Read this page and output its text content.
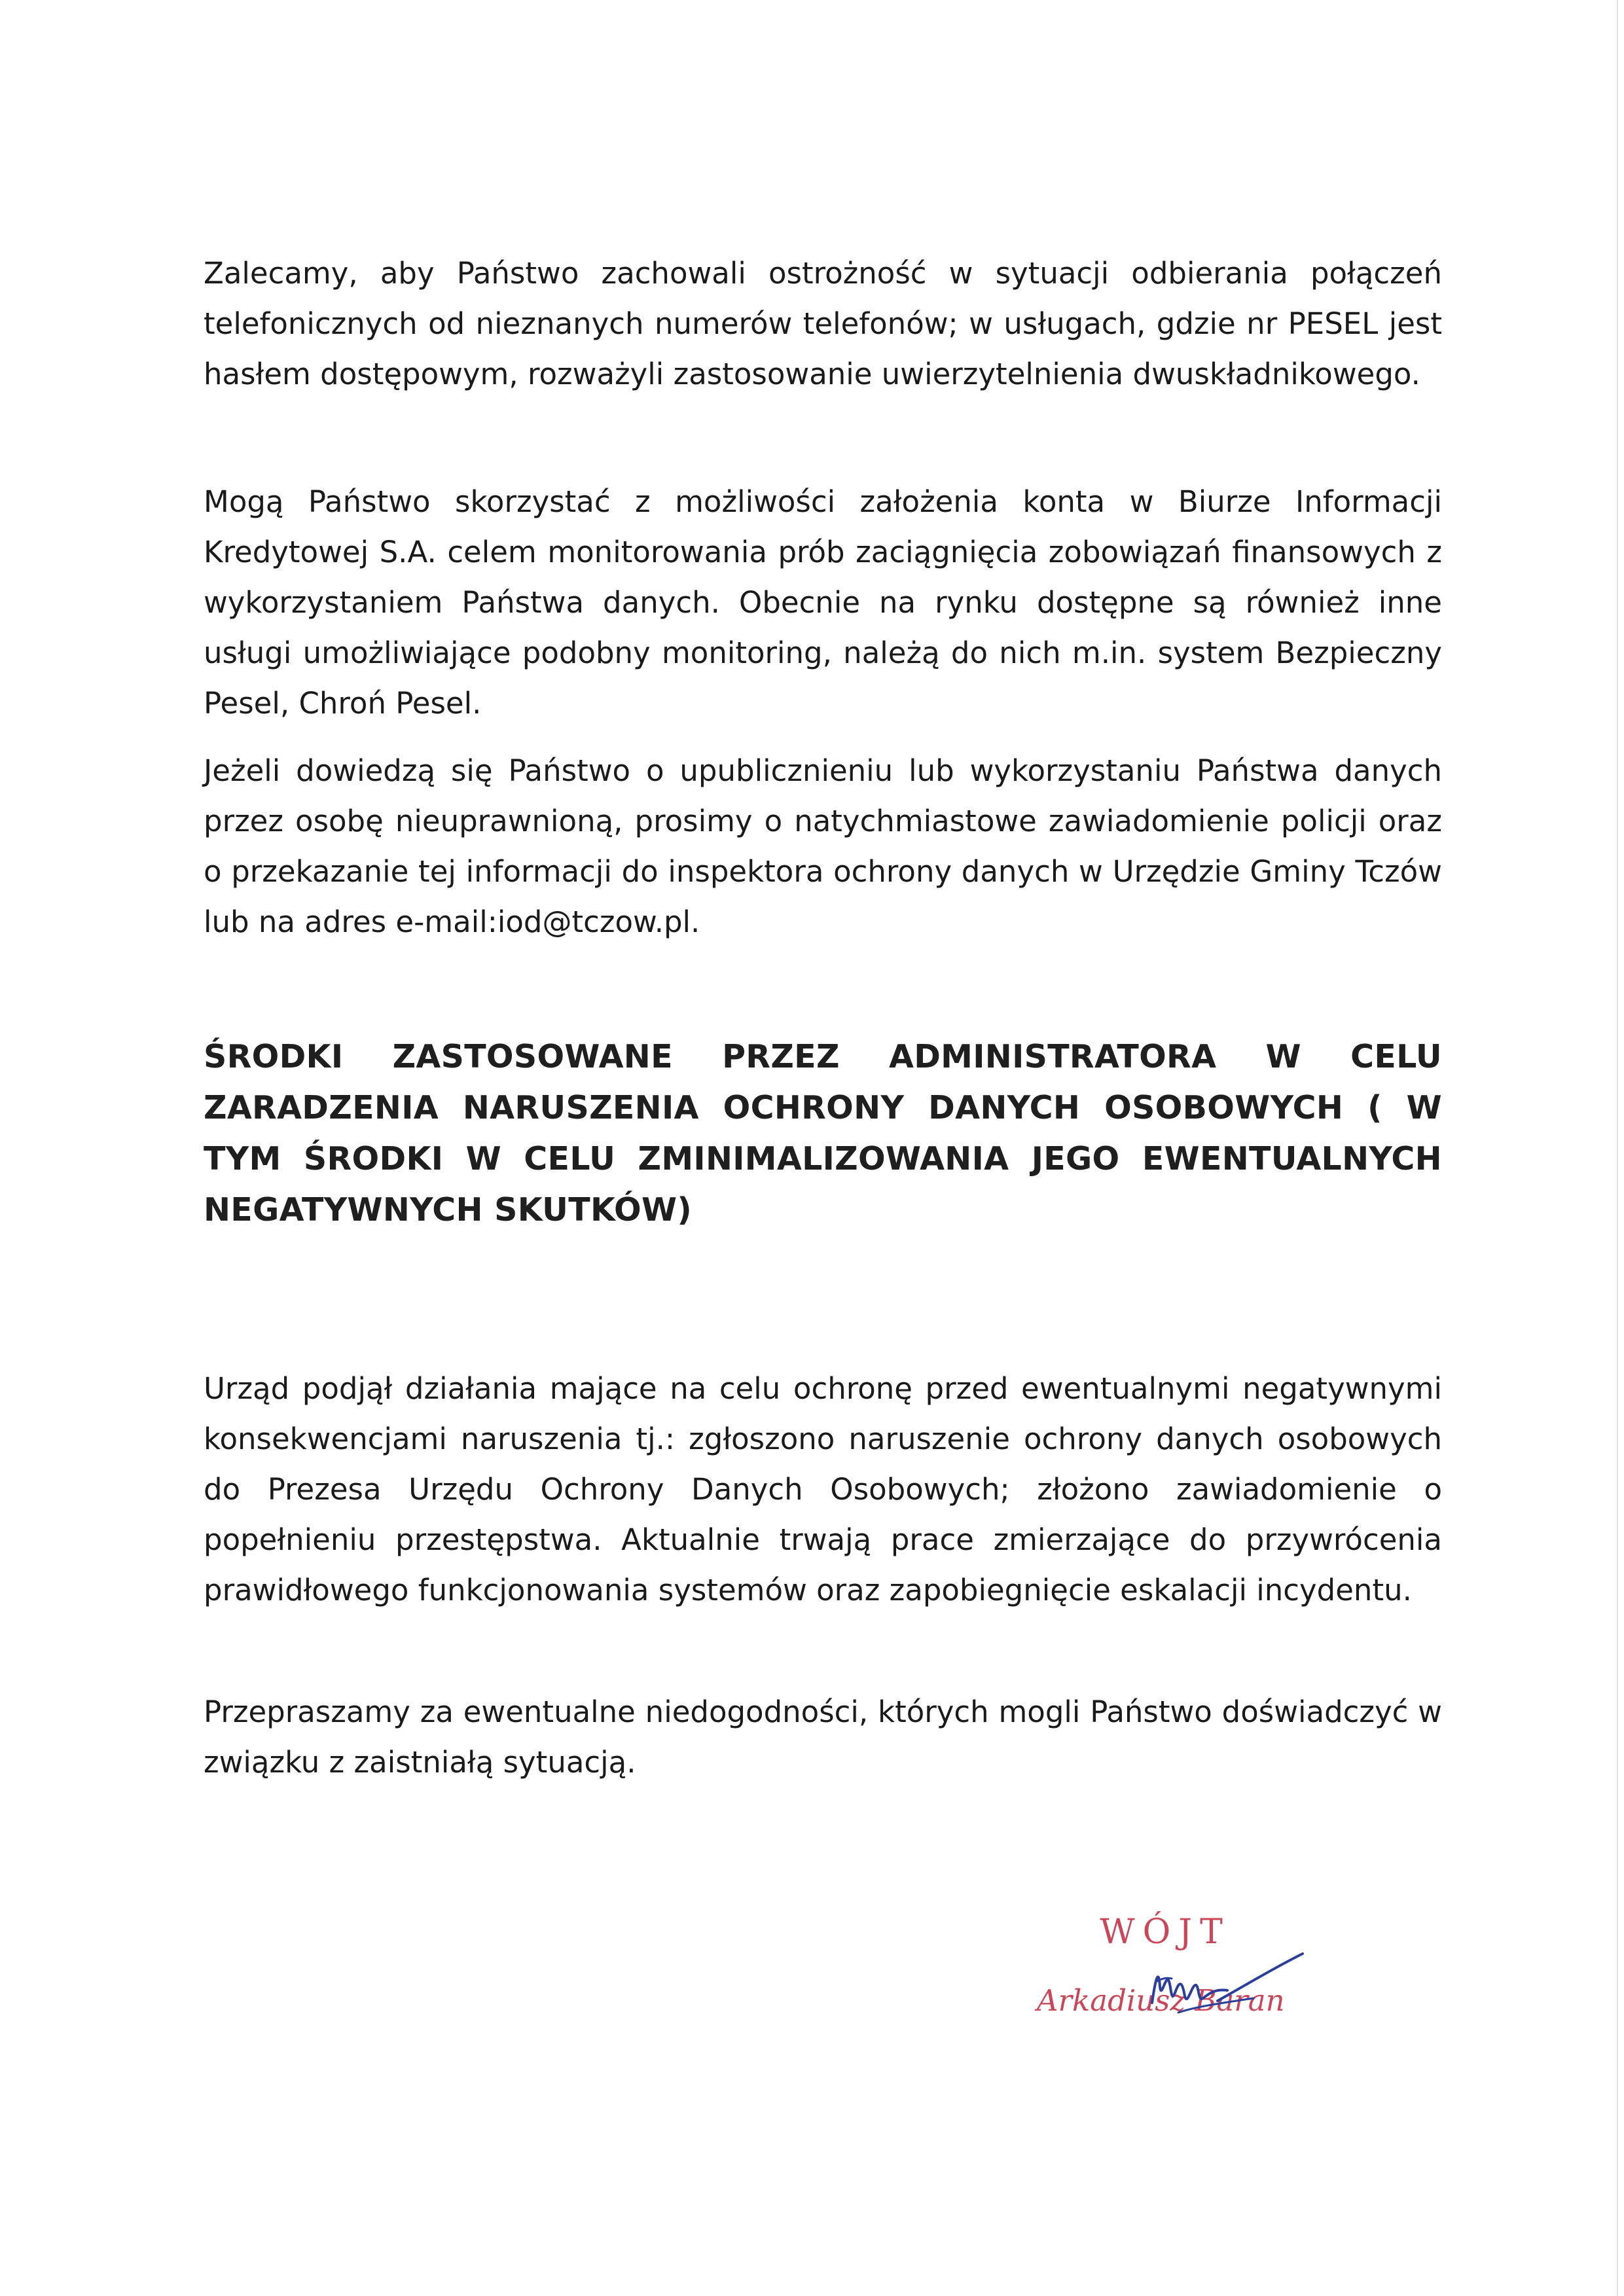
Zalecamy, aby Państwo zachowali ostrożność w sytuacji odbierania połączeń telefonicznych od nieznanych numerów telefonów; w usługach, gdzie nr PESEL jest hasłem dostępowym, rozważyli zastosowanie uwierzytelnienia dwuskładnikowego.

Mogą Państwo skorzystać z możliwości założenia konta w Biurze Informacji Kredytowej S.A. celem monitorowania prób zaciągnięcia zobowiązań finansowych z wykorzystaniem Państwa danych. Obecnie na rynku dostępne są również inne usługi umożliwiające podobny monitoring, należą do nich m.in. system Bezpieczny Pesel, Chroń Pesel.

Jeżeli dowiedzą się Państwo o upublicznieniu lub wykorzystaniu Państwa danych przez osobę nieuprawnioną, prosimy o natychmiastowe zawiadomienie policji oraz o przekazanie tej informacji do inspektora ochrony danych w Urzędzie Gminy Tczów lub na adres e-mail:iod@tczow.pl.

ŚRODKI ZASTOSOWANE PRZEZ ADMINISTRATORA W CELU ZARADZENIA NARUSZENIA OCHRONY DANYCH OSOBOWYCH ( W TYM ŚRODKI W CELU ZMINIMALIZOWANIA JEGO EWENTUALNYCH NEGATYWNYCH SKUTKÓW)

Urząd podjął działania mające na celu ochronę przed ewentualnymi negatywnymi konsekwencjami naruszenia tj.: zgłoszono naruszenie ochrony danych osobowych do Prezesa Urzędu Ochrony Danych Osobowych; złożono zawiadomienie o popełnieniu przestępstwa. Aktualnie trwają prace zmierzające do przywrócenia prawidłowego funkcjonowania systemów oraz zapobiegnięcie eskalacji incydentu.

Przepraszamy za ewentualne niedogodności, których mogli Państwo doświadczyć w związku z zaistniałą sytuacją.

WÓJT
Arkadiusz Baran
